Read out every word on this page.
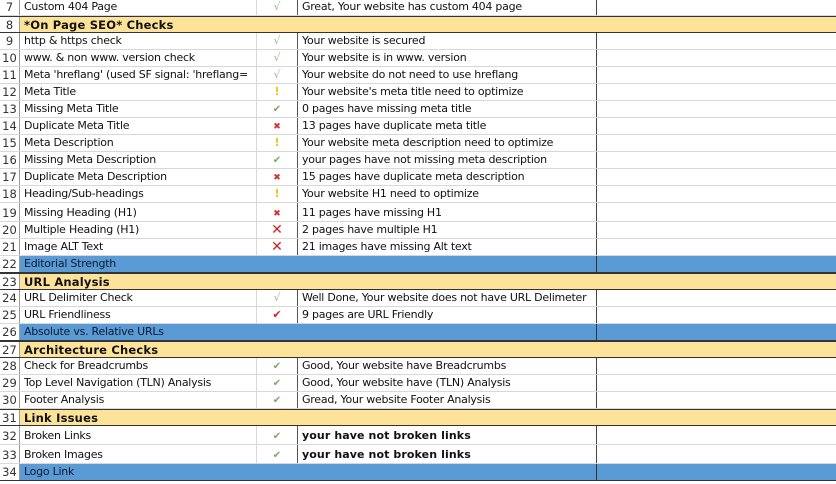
7 Custom 404 Page	√	Great, Your website has custom 404 page
8 *On Page SEO* Checks
9 http & https check	√	Your website is secured
10 www. & non www. version check	√	Your website is in www. version
11 Meta 'hreflang' (used SF signal: 'hreflang=	√	Your website do not need to use hreflang
12 Meta Title	!	Your website's meta title need to optimize
13 Missing Meta Title	✔	0 pages have missing meta title
14 Duplicate Meta Title	✖	13 pages have duplicate meta title
15 Meta Description	!	Your website meta description need to optimize
16 Missing Meta Description	✔	your pages have not missing meta description
17 Duplicate Meta Description	✖	15 pages have duplicate meta description
18 Heading/Sub-headings	!	Your website H1 need to optimize
19 Missing Heading (H1)	✖	11 pages have missing H1
20 Multiple Heading (H1)	✕	2 pages have multiple H1
21 Image ALT Text	✕	21 images have missing Alt text
22 Editorial Strength
23 URL Analysis
24 URL Delimiter Check	√	Well Done, Your website does not have URL Delimeter
25 URL Friendliness	✔	9 pages are URL Friendly
26 Absolute vs. Relative URLs
27 Architecture Checks
28 Check for Breadcrumbs	✔	Good, Your website have Breadcrumbs
29 Top Level Navigation (TLN) Analysis	✔	Good, Your website have (TLN) Analysis
30 Footer Analysis	✔	Gread, Your website Footer Analysis
31 Link Issues
32 Broken Links	✔	your have not broken links
33 Broken Images	✔	your have not broken links
34 Logo Link
